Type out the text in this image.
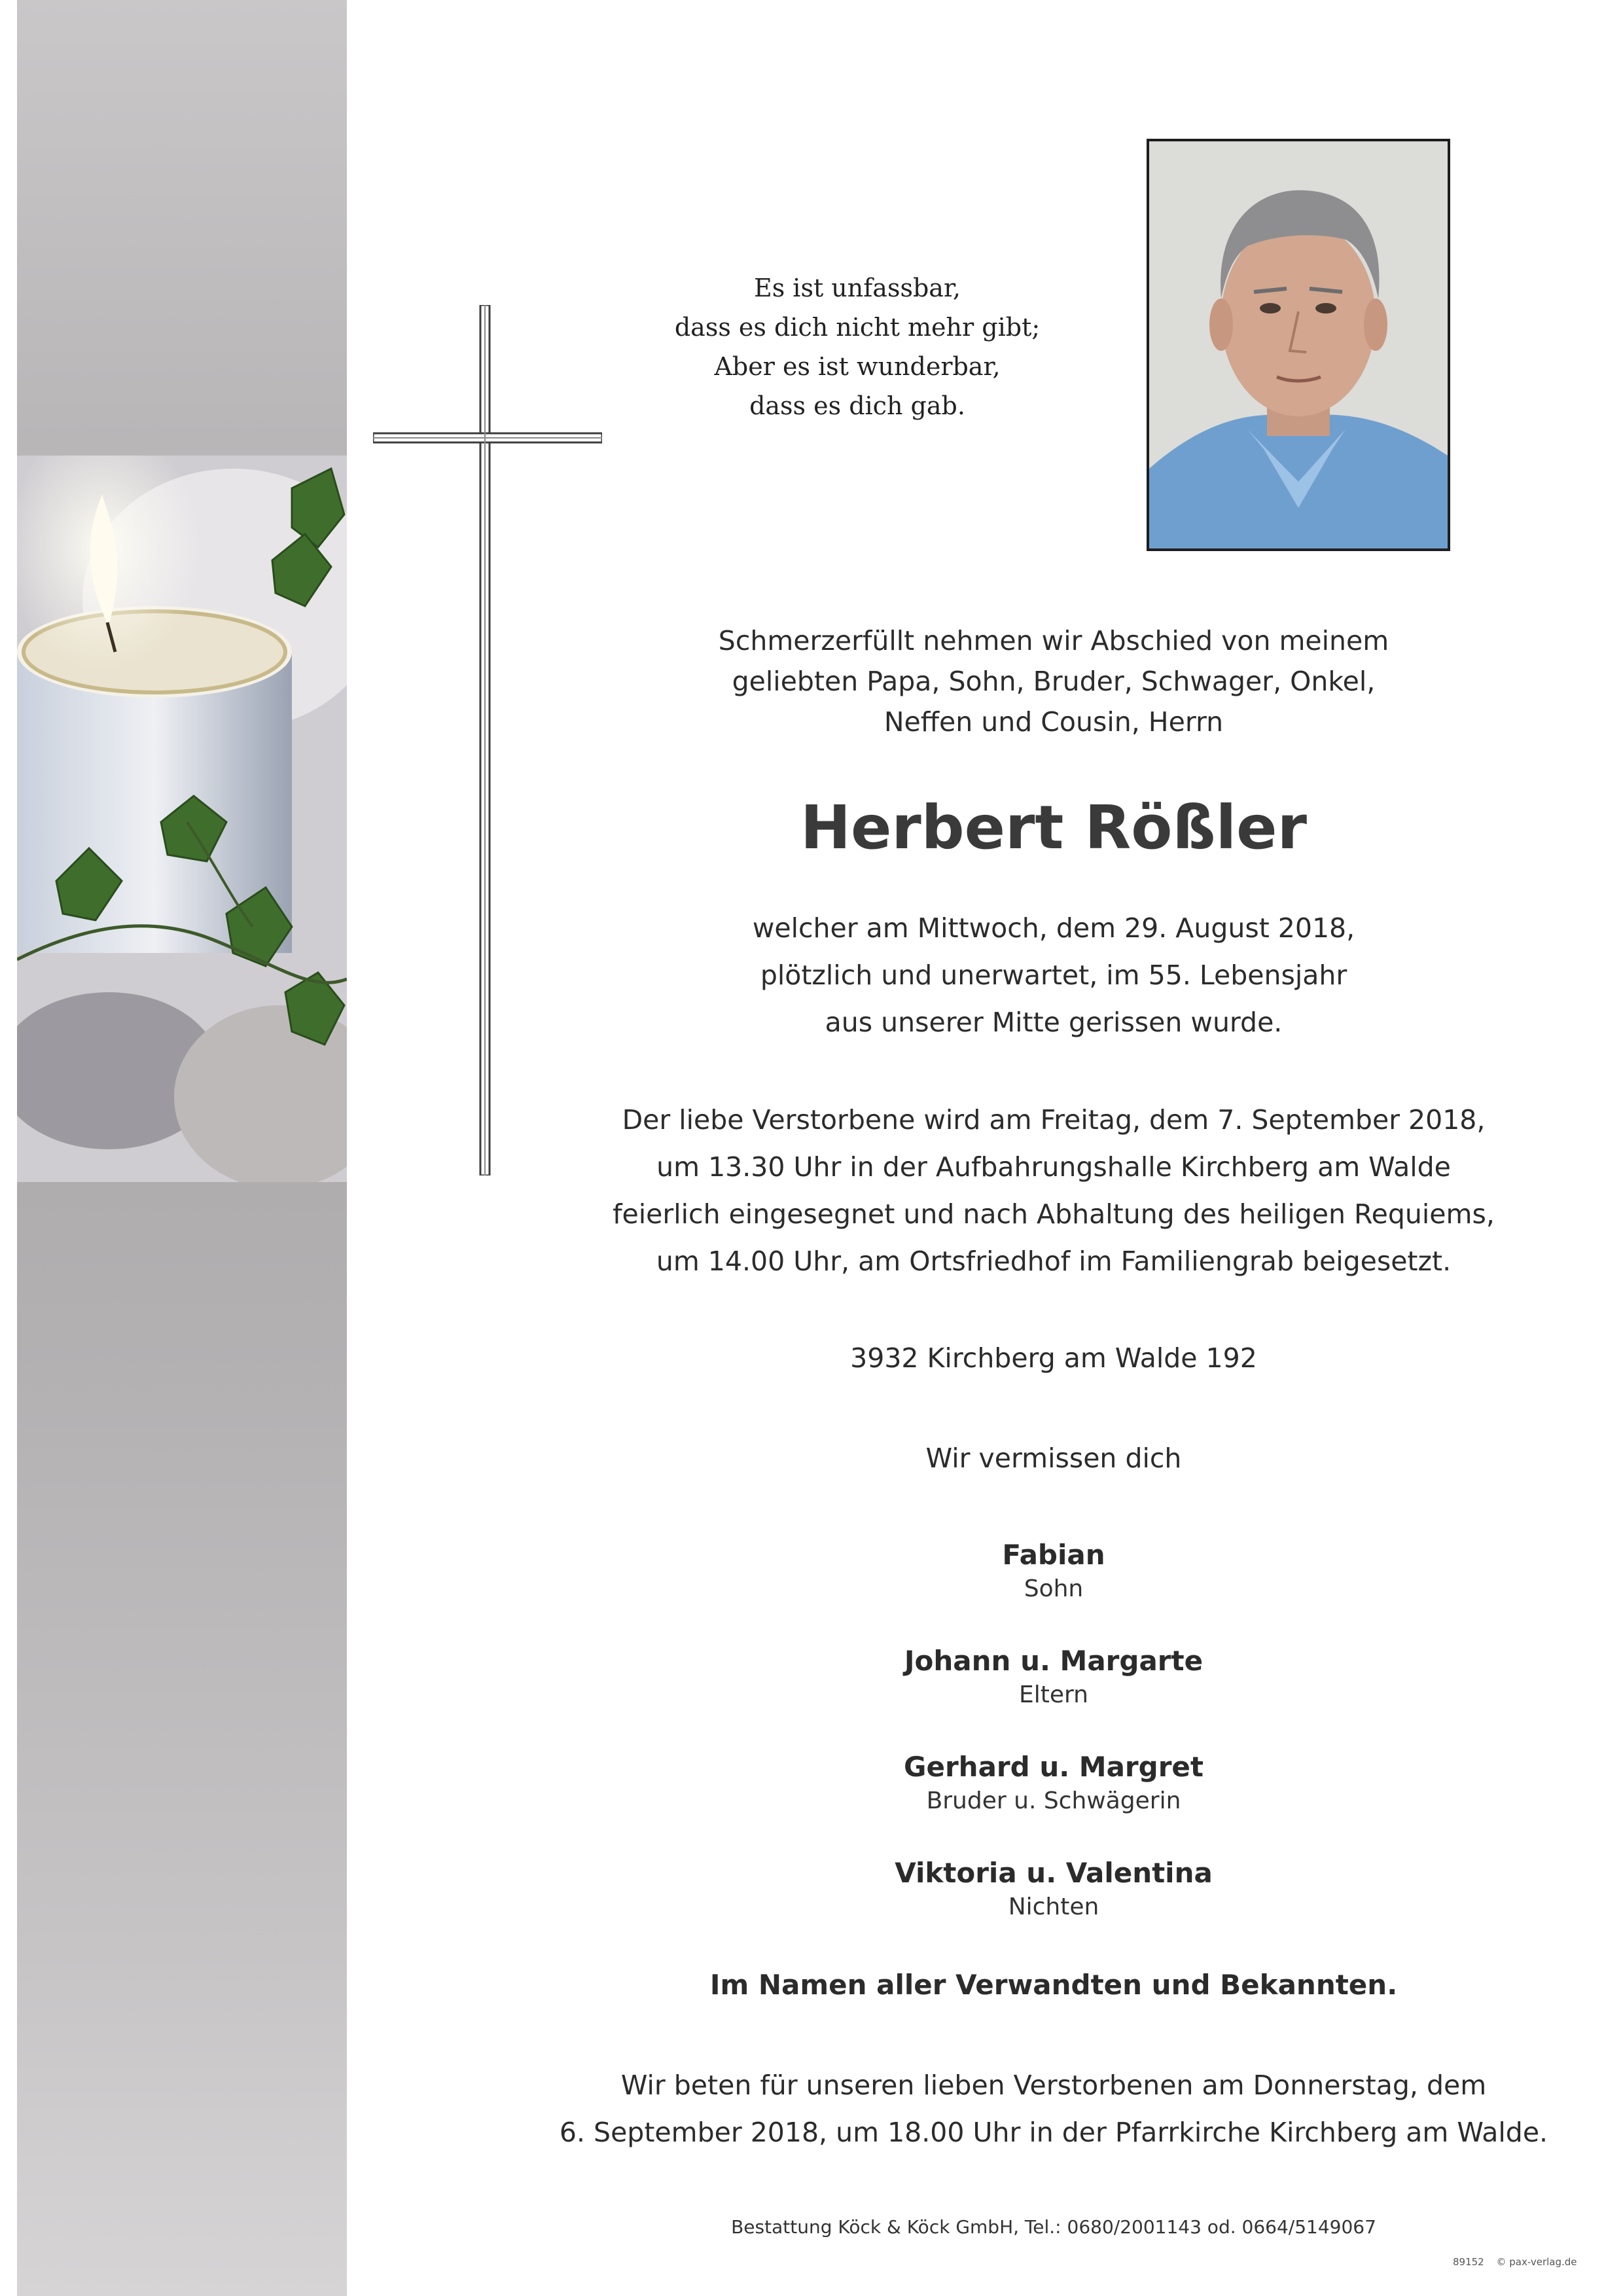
Es ist unfassbar,
dass es dich nicht mehr gibt;
Aber es ist wunderbar,
dass es dich gab.
Schmerzerfüllt nehmen wir Abschied von meinem
geliebten Papa, Sohn, Bruder, Schwager, Onkel,
Neffen und Cousin, Herrn
Herbert Rößler
welcher am Mittwoch, dem 29. August 2018,
plötzlich und unerwartet, im 55. Lebensjahr
aus unserer Mitte gerissen wurde.
Der liebe Verstorbene wird am Freitag, dem 7. September 2018,
um 13.30 Uhr in der Aufbahrungshalle Kirchberg am Walde
feierlich eingesegnet und nach Abhaltung des heiligen Requiems,
um 14.00 Uhr, am Ortsfriedhof im Familiengrab beigesetzt.
3932 Kirchberg am Walde 192
Wir vermissen dich
Fabian
Sohn
Johann u. Margarte
Eltern
Gerhard u. Margret
Bruder u. Schwägerin
Viktoria u. Valentina
Nichten
Im Namen aller Verwandten und Bekannten.
Wir beten für unseren lieben Verstorbenen am Donnerstag, dem
6. September 2018, um 18.00 Uhr in der Pfarrkirche Kirchberg am Walde.
Bestattung Köck & Köck GmbH, Tel.: 0680/2001143 od. 0664/5149067
89152 © pax-verlag.de
